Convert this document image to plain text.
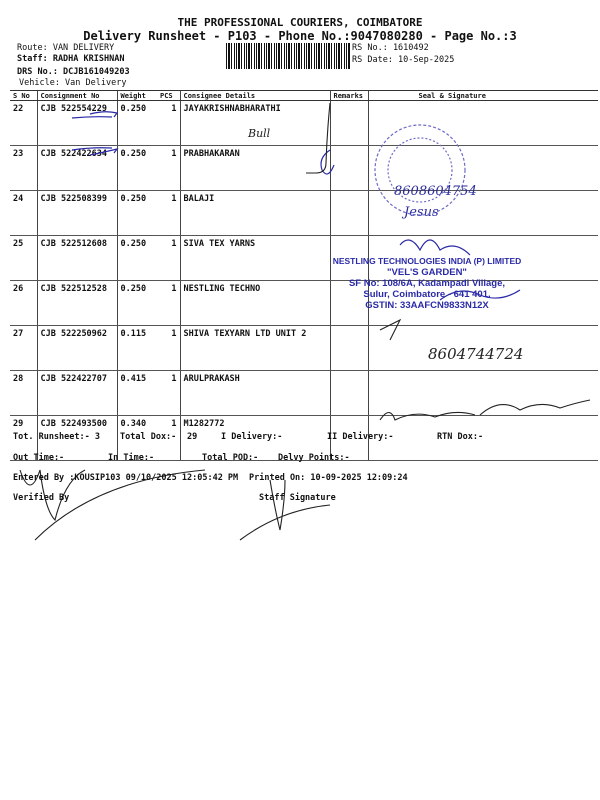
THE PROFESSIONAL COURIERS, COIMBATORE
Delivery Runsheet - P103 - Phone No.:9047080280 - Page No.:3
Route: VAN DELIVERY
Staff: RADHA KRISHNAN
DRS No.: DCJB161049203
Vehicle: Van Delivery
RS No.: 1610492
RS Date: 10-Sep-2025
S No	Consignment No	Weight	PCS	Consignee Details	Remarks	Seal & Signature
22	CJB 522554229	0.250	1	JAYAKRISHNABHARATHI		
23	CJB 522422634	0.250	1	PRABHAKARAN		
24	CJB 522508399	0.250	1	BALAJI		
25	CJB 522512608	0.250	1	SIVA TEX YARNS		
26	CJB 522512528	0.250	1	NESTLING TECHNO		
27	CJB 522250962	0.115	1	SHIVA TEXYARN LTD UNIT 2		
28	CJB 522422707	0.415	1	ARULPRAKASH		
29	CJB 522493500	0.340	1	M1282772		
NESTLING TECHNOLOGIES INDIA (P) LIMITED
"VEL'S GARDEN"
SF No: 108/6A, Kadampadi Village,
Sulur, Coimbatore - 641 401.
GSTIN: 33AAFCN9833N12X
8608604754
Jesus
8604744724
Bull
Tot. Runsheet:- 3 Total Dox:- 29	I Delivery:-	II Delivery:-	RTN Dox:-
Out Time:-	In Time:-	Total POD:- Delvy Points:-
Entered By :KOUSIP103 09/10/2025 12:05:42 PM Printed On: 10-09-2025 12:09:24
Verified By	Staff Signature
